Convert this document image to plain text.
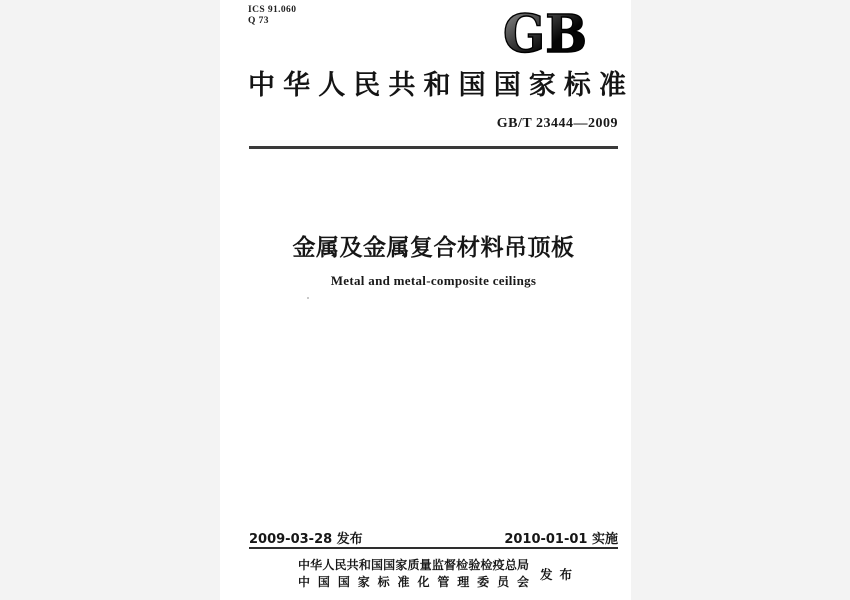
ICS 91.060
Q 73	GB
中华人民共和国国家标准
GB/T 23444—2009
金属及金属复合材料吊顶板
Metal and metal-composite ceilings
2009-03-28 发布	2010-01-01 实施
中华人民共和国国家质量监督检验检疫总局
中国国家标准化管理委员会 发布
